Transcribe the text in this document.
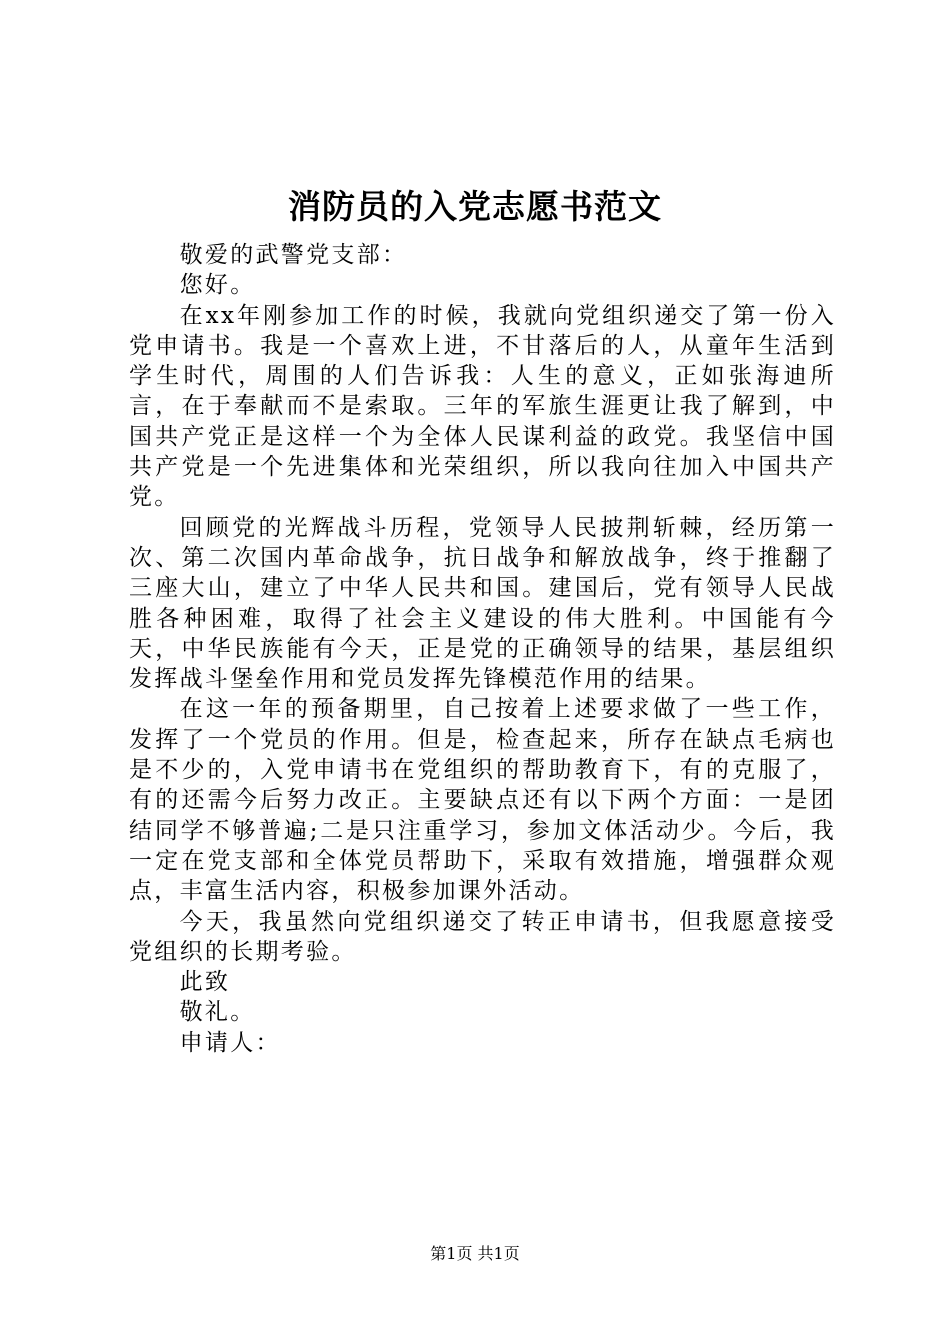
消防员的入党志愿书范文

敬爱的武警党支部：

您好。

在xx年刚参加工作的时候，我就向党组织递交了第一份入党申请书。我是一个喜欢上进，不甘落后的人，从童年生活到学生时代，周围的人们告诉我：人生的意义，正如张海迪所言，在于奉献而不是索取。三年的军旅生涯更让我了解到，中国共产党正是这样一个为全体人民谋利益的政党。我坚信中国共产党是一个先进集体和光荣组织，所以我向往加入中国共产党。

回顾党的光辉战斗历程，党领导人民披荆斩棘，经历第一次、第二次国内革命战争，抗日战争和解放战争，终于推翻了三座大山，建立了中华人民共和国。建国后，党有领导人民战胜各种困难，取得了社会主义建设的伟大胜利。中国能有今天，中华民族能有今天，正是党的正确领导的结果，基层组织发挥战斗堡垒作用和党员发挥先锋模范作用的结果。

在这一年的预备期里，自己按着上述要求做了一些工作，发挥了一个党员的作用。但是，检查起来，所存在缺点毛病也是不少的，入党申请书在党组织的帮助教育下，有的克服了，有的还需今后努力改正。主要缺点还有以下两个方面：一是团结同学不够普遍;二是只注重学习，参加文体活动少。今后，我一定在党支部和全体党员帮助下，采取有效措施，增强群众观点，丰富生活内容，积极参加课外活动。

今天，我虽然向党组织递交了转正申请书，但我愿意接受党组织的长期考验。

此致

敬礼。

申请人：

第1页 共1页
